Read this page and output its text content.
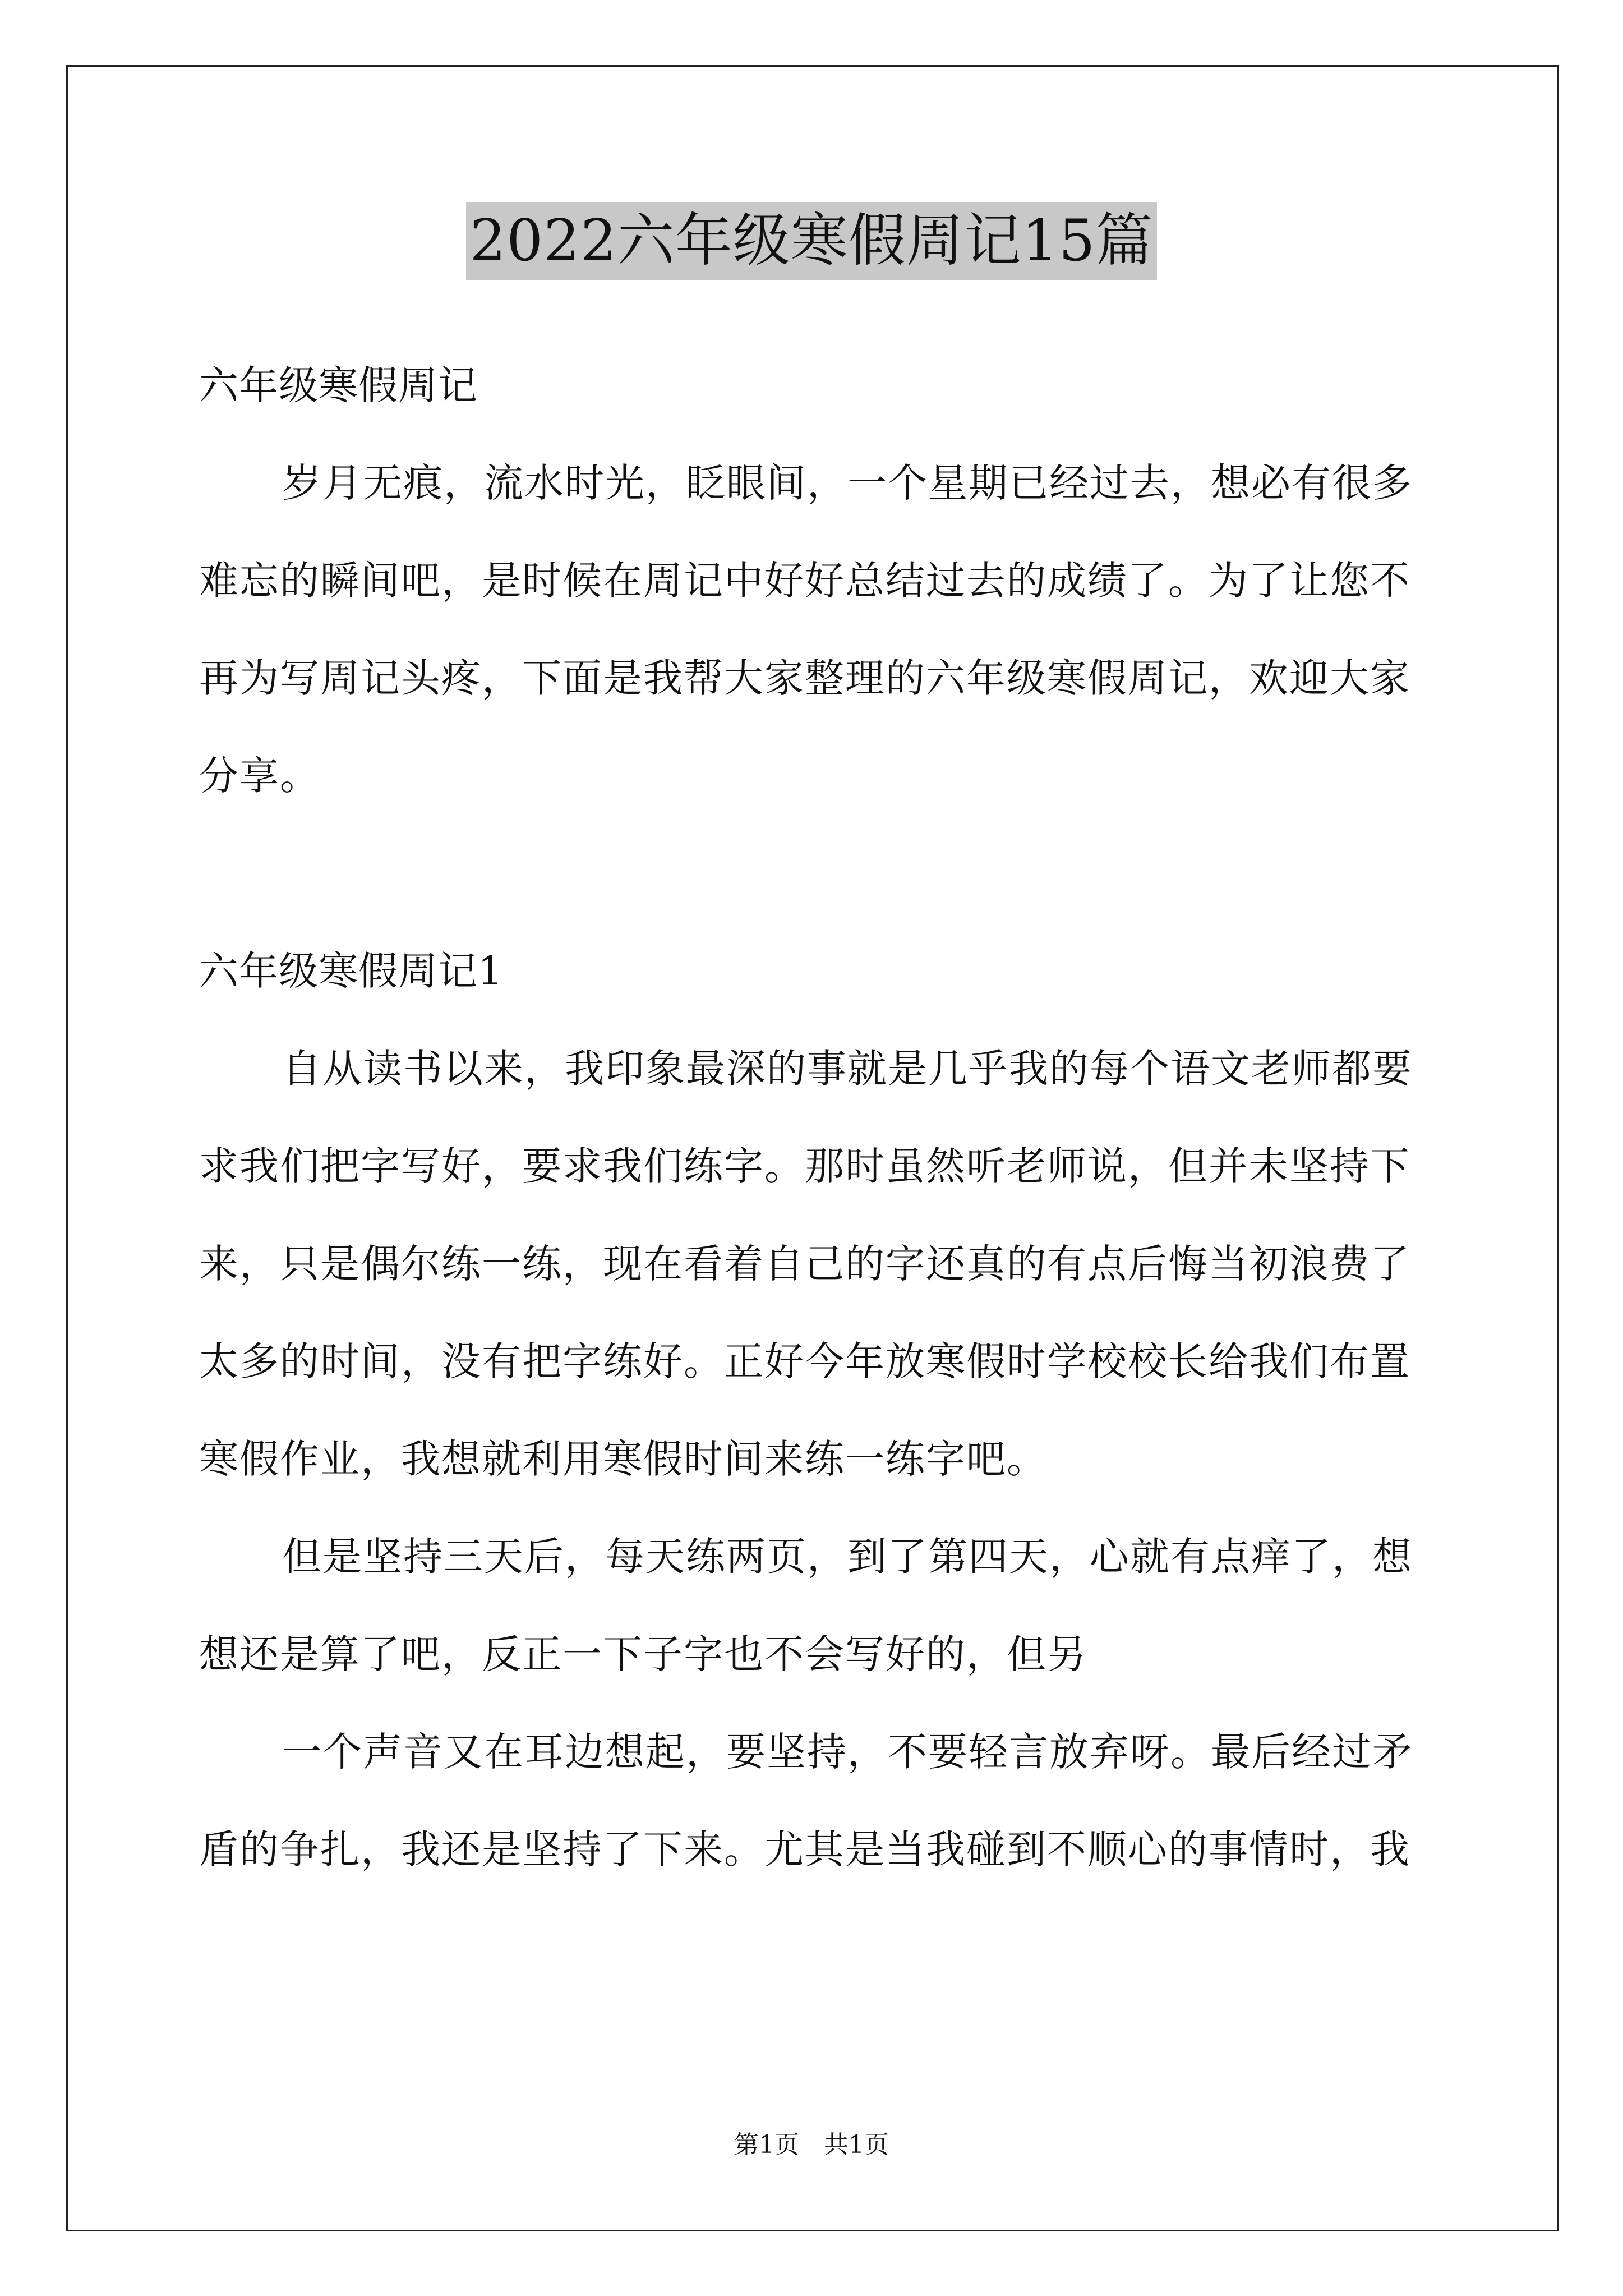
2022六年级寒假周记15篇
六年级寒假周记
岁月无痕，流水时光，眨眼间，一个星期已经过去，想必有很多
难忘的瞬间吧，是时候在周记中好好总结过去的成绩了。为了让您不
再为写周记头疼，下面是我帮大家整理的六年级寒假周记，欢迎大家
分享。
六年级寒假周记1
自从读书以来，我印象最深的事就是几乎我的每个语文老师都要
求我们把字写好，要求我们练字。那时虽然听老师说，但并未坚持下
来，只是偶尔练一练，现在看着自己的字还真的有点后悔当初浪费了
太多的时间，没有把字练好。正好今年放寒假时学校校长给我们布置
寒假作业，我想就利用寒假时间来练一练字吧。
但是坚持三天后，每天练两页，到了第四天，心就有点痒了，想
想还是算了吧，反正一下子字也不会写好的，但另
一个声音又在耳边想起，要坚持，不要轻言放弃呀。最后经过矛
盾的争扎，我还是坚持了下来。尤其是当我碰到不顺心的事情时，我
第1页 共1页
